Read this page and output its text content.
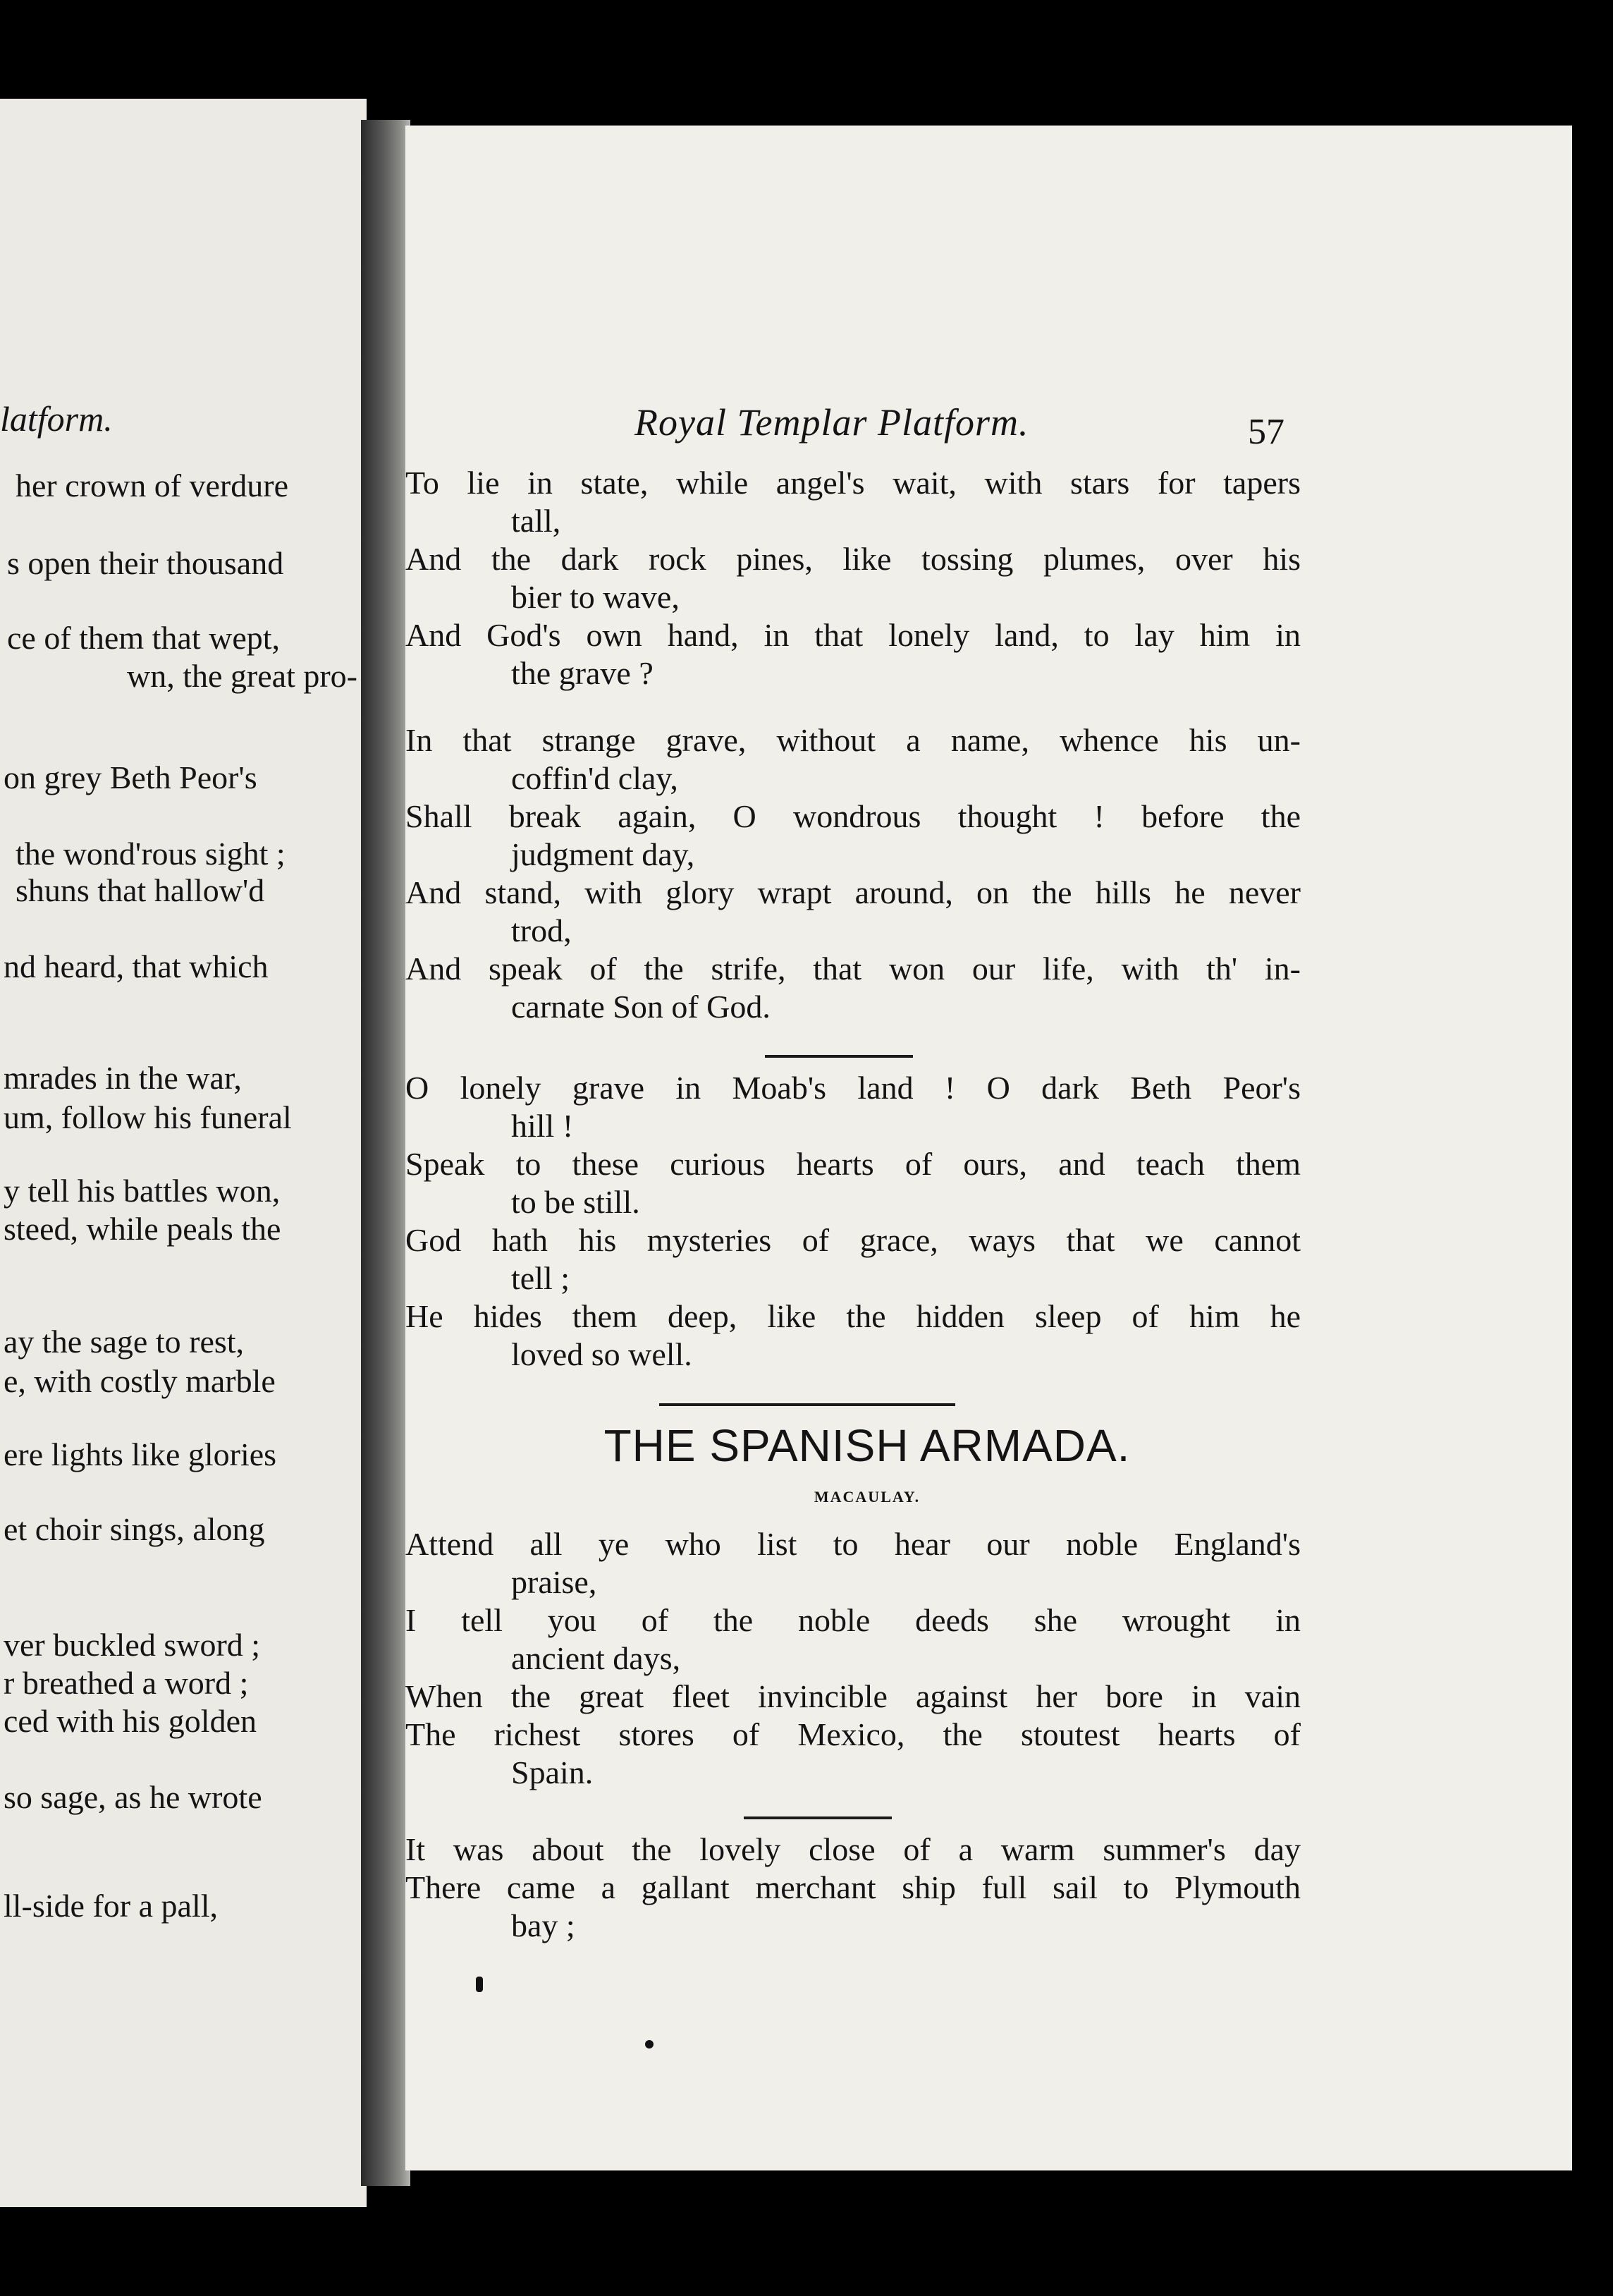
latform.
her crown of verdure
s open their thousand
ce of them that wept,
wn, the great pro-
on grey Beth Peor's
the wond'rous sight ;
shuns that hallow'd
nd heard, that which
mrades in the war,
um, follow his funeral
y tell his battles won,
steed, while peals the
ay the sage to rest,
e, with costly marble
ere lights like glories
et choir sings, along
ver buckled sword ;
r breathed a word ;
ced with his golden
so sage, as he wrote
ll-side for a pall,
Royal Templar Platform.	57
To lie in state, while angel's wait, with stars for tapers
tall,
And the dark rock pines, like tossing plumes, over his
bier to wave,
And God's own hand, in that lonely land, to lay him in
the grave ?
In that strange grave, without a name, whence his un-
coffin'd clay,
Shall break again, O wondrous thought ! before the
judgment day,
And stand, with glory wrapt around, on the hills he never
trod,
And speak of the strife, that won our life, with th' in-
carnate Son of God.
O lonely grave in Moab's land ! O dark Beth Peor's
hill !
Speak to these curious hearts of ours, and teach them
to be still.
God hath his mysteries of grace, ways that we cannot
tell ;
He hides them deep, like the hidden sleep of him he
loved so well.
THE SPANISH ARMADA.
MACAULAY.
Attend all ye who list to hear our noble England's
praise,
I tell you of the noble deeds she wrought in
ancient days,
When the great fleet invincible against her bore in vain
The richest stores of Mexico, the stoutest hearts of
Spain.
It was about the lovely close of a warm summer's day
There came a gallant merchant ship full sail to Plymouth
bay ;
